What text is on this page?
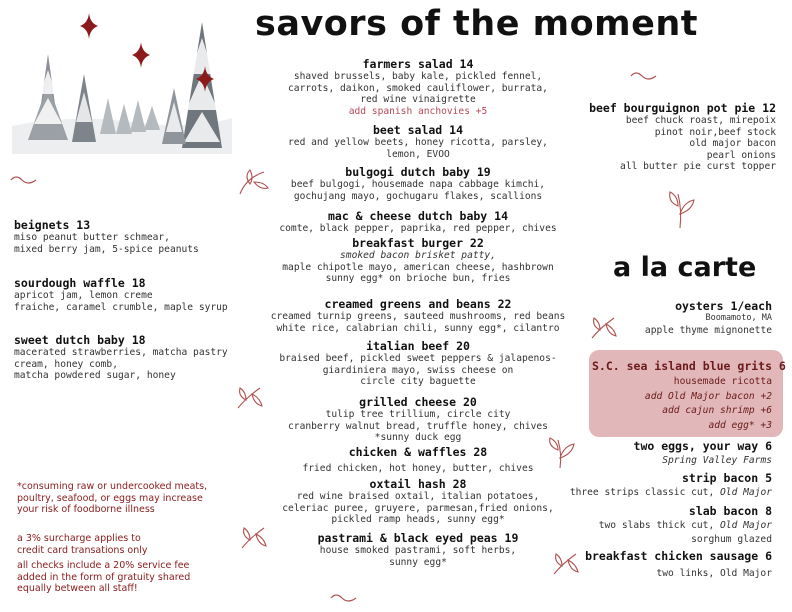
savors of the moment
a la carte
farmers salad 14
shaved brussels, baby kale, pickled fennel,
carrots, daikon, smoked cauliflower, burrata,
red wine vinaigrette
add spanish anchovies +5
beet salad 14
red and yellow beets, honey ricotta, parsley,
lemon, EVOO
bulgogi dutch baby 19
beef bulgogi, housemade napa cabbage kimchi,
gochujang mayo, gochugaru flakes, scallions
mac & cheese dutch baby 14
comte, black pepper, paprika, red pepper, chives
breakfast burger 22
smoked bacon brisket patty,
maple chipotle mayo, american cheese, hashbrown
sunny egg* on brioche bun, fries
creamed greens and beans 22
creamed turnip greens, sauteed mushrooms, red beans
white rice, calabrian chili, sunny egg*, cilantro
italian beef 20
braised beef, pickled sweet peppers & jalapenos-
giardiniera mayo, swiss cheese on
circle city baguette
grilled cheese 20
tulip tree trillium, circle city
cranberry walnut bread, truffle honey, chives
*sunny duck egg
chicken & waffles 28
fried chicken, hot honey, butter, chives
oxtail hash 28
red wine braised oxtail, italian potatoes,
celeriac puree, gruyere, parmesan,fried onions,
pickled ramp heads, sunny egg*
pastrami & black eyed peas 19
house smoked pastrami, soft herbs,
sunny egg*
beignets 13
miso peanut butter schmear,
mixed berry jam, 5-spice peanuts
sourdough waffle 18
apricot jam, lemon creme
fraiche, caramel crumble, maple syrup
sweet dutch baby 18
macerated strawberries, matcha pastry
cream, honey comb,
matcha powdered sugar, honey
*consuming raw or undercooked meats,
poultry, seafood, or eggs may increase
your risk of foodborne illness
a 3% surcharge applies to
credit card transations only
all checks include a 20% service fee
added in the form of gratuity shared
equally between all staff!
beef bourguignon pot pie 12
beef chuck roast, mirepoix
pinot noir,beef stock
old major bacon
pearl onions
all butter pie curst topper
oysters 1/each
Boomamoto, MA
apple thyme mignonette
S.C. sea island blue grits 6
housemade ricotta
add Old Major bacon +2
add cajun shrimp +6
add egg* +3
two eggs, your way 6
Spring Valley Farms
strip bacon 5
three strips classic cut, Old Major
slab bacon 8
two slabs thick cut, Old Major
sorghum glazed
breakfast chicken sausage 6
two links, Old Major
